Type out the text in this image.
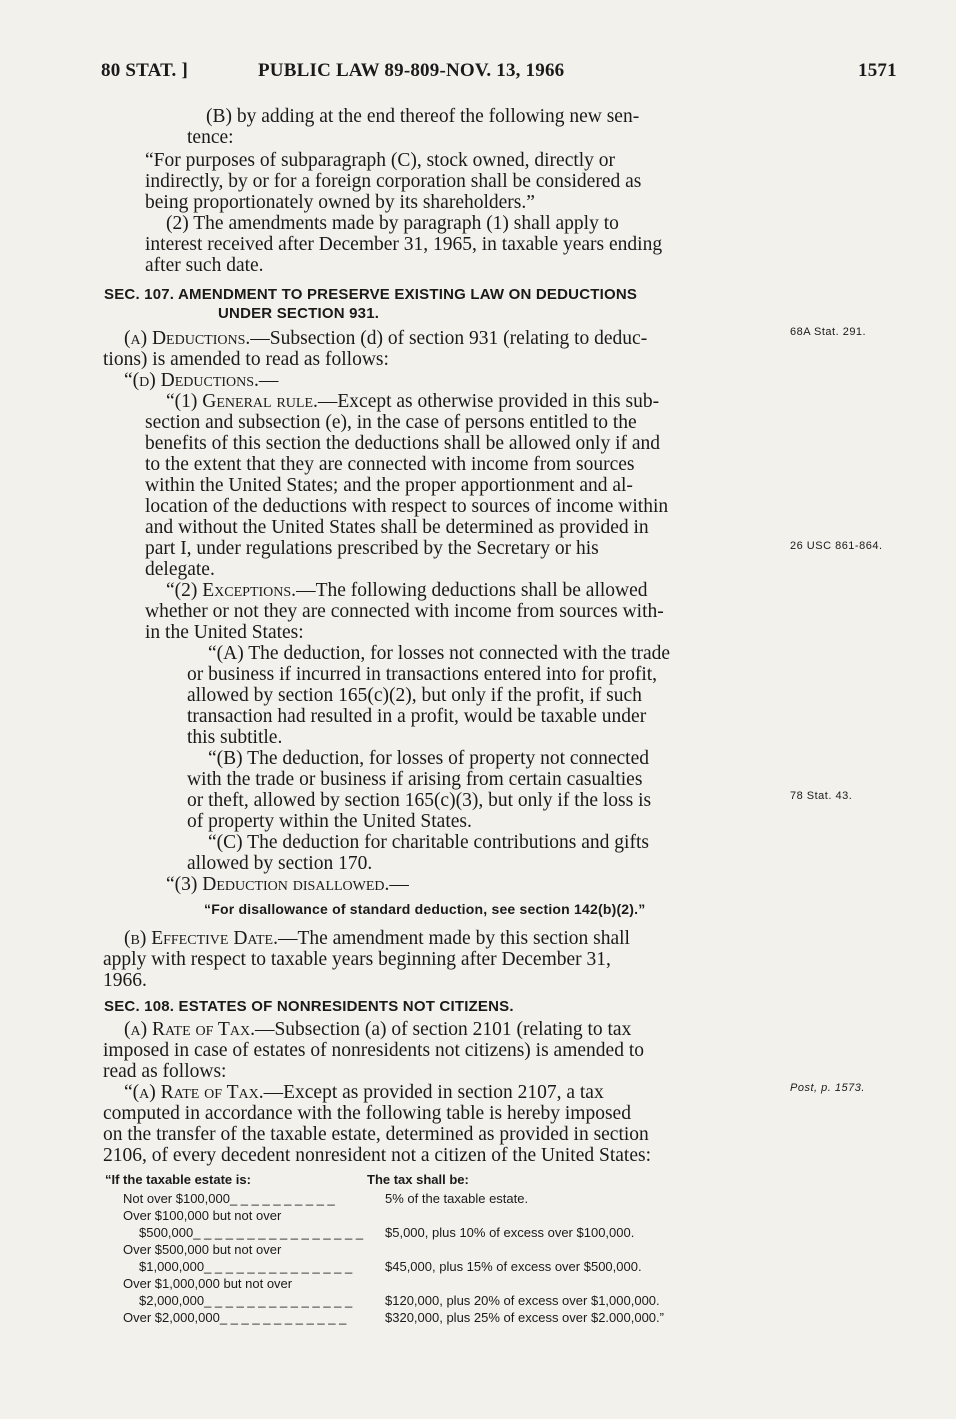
80 STAT. ]	PUBLIC LAW 89-809-NOV. 13, 1966	1571

(B) by adding at the end thereof the following new sen-

tence:

“For purposes of subparagraph (C), stock owned, directly or

indirectly, by or for a foreign corporation shall be considered as

being proportionately owned by its shareholders.”

(2) The amendments made by paragraph (1) shall apply to

interest received after December 31, 1965, in taxable years ending

after such date.

SEC. 107. AMENDMENT TO PRESERVE EXISTING LAW ON DEDUCTIONS

UNDER SECTION 931.

(a) Deductions.—Subsection (d) of section 931 (relating to deduc-

tions) is amended to read as follows:

“(d) Deductions.—

“(1) General rule.—Except as otherwise provided in this sub-

section and subsection (e), in the case of persons entitled to the

benefits of this section the deductions shall be allowed only if and

to the extent that they are connected with income from sources

within the United States; and the proper apportionment and al-

location of the deductions with respect to sources of income within

and without the United States shall be determined as provided in

part I, under regulations prescribed by the Secretary or his

delegate.

“(2) Exceptions.—The following deductions shall be allowed

whether or not they are connected with income from sources with-

in the United States:

“(A) The deduction, for losses not connected with the trade

or business if incurred in transactions entered into for profit,

allowed by section 165(c)(2), but only if the profit, if such

transaction had resulted in a profit, would be taxable under

this subtitle.

“(B) The deduction, for losses of property not connected

with the trade or business if arising from certain casualties

or theft, allowed by section 165(c)(3), but only if the loss is

of property within the United States.

“(C) The deduction for charitable contributions and gifts

allowed by section 170.

“(3) Deduction disallowed.—

“For disallowance of standard deduction, see section 142(b)(2).”

(b) Effective Date.—The amendment made by this section shall

apply with respect to taxable years beginning after December 31,

1966.

SEC. 108. ESTATES OF NONRESIDENTS NOT CITIZENS.

(a) Rate of Tax.—Subsection (a) of section 2101 (relating to tax

imposed in case of estates of nonresidents not citizens) is amended to

read as follows:

“(a) Rate of Tax.—Except as provided in section 2107, a tax

computed in accordance with the following table is hereby imposed

on the transfer of the taxable estate, determined as provided in section

2106, of every decedent nonresident not a citizen of the United States:

“If the taxable estate is:	The tax shall be:

Not over $100,000_ _ _ _ _ _ _ _ _ _	5% of the taxable estate.

Over $100,000 but not over

$500,000_ _ _ _ _ _ _ _ _ _ _ _ _ _ _ _ $5,000, plus 10% of excess over $100,000.

Over $500,000 but not over

$1,000,000_ _ _ _ _ _ _ _ _ _ _ _ _ _	$45,000, plus 15% of excess over $500,000.

Over $1,000,000 but not over

$2,000,000_ _ _ _ _ _ _ _ _ _ _ _ _ _	$120,000, plus 20% of excess over $1,000,000.

Over $2,000,000_ _ _ _ _ _ _ _ _ _ _ _	$320,000, plus 25% of excess over $2.000,000.”

68A Stat. 291.

26 USC 861-864.

78 Stat. 43.

Post, p. 1573.
